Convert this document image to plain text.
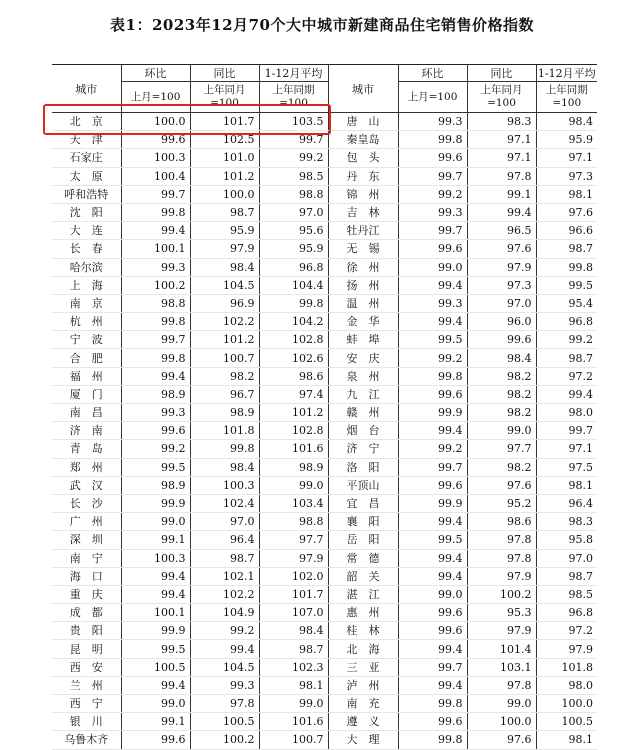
表1：2023年12月70个大中城市新建商品住宅销售价格指数
城市	环比	同比	1-12月平均	城市	环比	同比	1-12月平均
	上月=100	上年同月=100	上年同期=100		上月=100	上年同月=100	上年同期=100
北　京	100.0	101.7	103.5	唐　山	99.3	98.3	98.4
天　津	99.6	102.5	99.7	秦皇岛	99.8	97.1	95.9
石家庄	100.3	101.0	99.2	包　头	99.6	97.1	97.1
太　原	100.4	101.2	98.5	丹　东	99.7	97.8	97.3
呼和浩特	99.7	100.0	98.8	锦　州	99.2	99.1	98.1
沈　阳	99.8	98.7	97.0	吉　林	99.3	99.4	97.6
大　连	99.4	95.9	95.6	牡丹江	99.7	96.5	96.6
长　春	100.1	97.9	95.9	无　锡	99.6	97.6	98.7
哈尔滨	99.3	98.4	96.8	徐　州	99.0	97.9	99.8
上　海	100.2	104.5	104.4	扬　州	99.4	97.3	99.5
南　京	98.8	96.9	99.8	温　州	99.3	97.0	95.4
杭　州	99.8	102.2	104.2	金　华	99.4	96.0	96.8
宁　波	99.7	101.2	102.8	蚌　埠	99.5	99.6	99.2
合　肥	99.8	100.7	102.6	安　庆	99.2	98.4	98.7
福　州	99.4	98.2	98.6	泉　州	99.8	98.2	97.2
厦　门	98.9	96.7	97.4	九　江	99.6	98.2	99.4
南　昌	99.3	98.9	101.2	赣　州	99.9	98.2	98.0
济　南	99.6	101.8	102.8	烟　台	99.4	99.0	99.7
青　岛	99.2	99.8	101.6	济　宁	99.2	97.7	97.1
郑　州	99.5	98.4	98.9	洛　阳	99.7	98.2	97.5
武　汉	98.9	100.3	99.0	平顶山	99.6	97.6	98.1
长　沙	99.9	102.4	103.4	宜　昌	99.9	95.2	96.4
广　州	99.0	97.0	98.8	襄　阳	99.4	98.6	98.3
深　圳	99.1	96.4	97.7	岳　阳	99.5	97.8	95.8
南　宁	100.3	98.7	97.9	常　德	99.4	97.8	97.0
海　口	99.4	102.1	102.0	韶　关	99.4	97.9	98.7
重　庆	99.4	102.2	101.7	湛　江	99.0	100.2	98.5
成　都	100.1	104.9	107.0	惠　州	99.6	95.3	96.8
贵　阳	99.9	99.2	98.4	桂　林	99.6	97.9	97.2
昆　明	99.5	99.4	98.7	北　海	99.4	101.4	97.9
西　安	100.5	104.5	102.3	三　亚	99.7	103.1	101.8
兰　州	99.4	99.3	98.1	泸　州	99.4	97.8	98.0
西　宁	99.0	97.8	99.0	南　充	99.8	99.0	100.0
银　川	99.1	100.5	101.6	遵　义	99.6	100.0	100.5
乌鲁木齐	99.6	100.2	100.7	大　理	99.8	97.6	98.1
